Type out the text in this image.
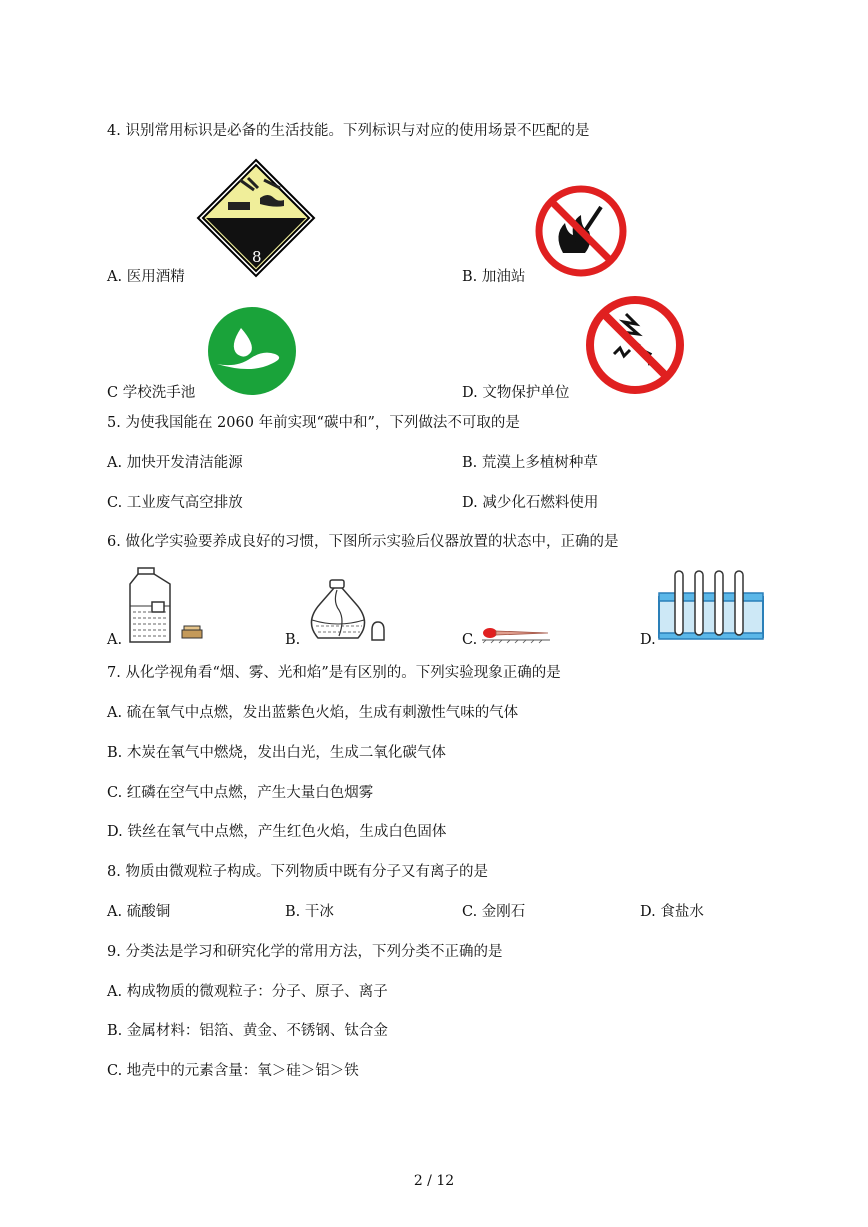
4. 识别常用标识是必备的生活技能。下列标识与对应的使用场景不匹配的是
8
A. 医用酒精	B. 加油站
C 学校洗手池	D. 文物保护单位
5. 为使我国能在 2060 年前实现“碳中和”，下列做法不可取的是
A. 加快开发清洁能源	B. 荒漠上多植树种草
C. 工业废气高空排放	D. 减少化石燃料使用
6. 做化学实验要养成良好的习惯，下图所示实验后仪器放置的状态中，正确的是
A.	B.	C.	D.
7. 从化学视角看“烟、雾、光和焰”是有区别的。下列实验现象正确的是
A. 硫在氧气中点燃，发出蓝紫色火焰，生成有刺激性气味的气体
B. 木炭在氧气中燃烧，发出白光，生成二氧化碳气体
C. 红磷在空气中点燃，产生大量白色烟雾
D. 铁丝在氧气中点燃，产生红色火焰，生成白色固体
8. 物质由微观粒子构成。下列物质中既有分子又有离子的是
A. 硫酸铜	B. 干冰	C. 金刚石	D. 食盐水
9. 分类法是学习和研究化学的常用方法，下列分类不正确的是
A. 构成物质的微观粒子：分子、原子、离子
B. 金属材料：铝箔、黄金、不锈钢、钛合金
C. 地壳中的元素含量：氧＞硅＞铝＞铁
2 / 12
